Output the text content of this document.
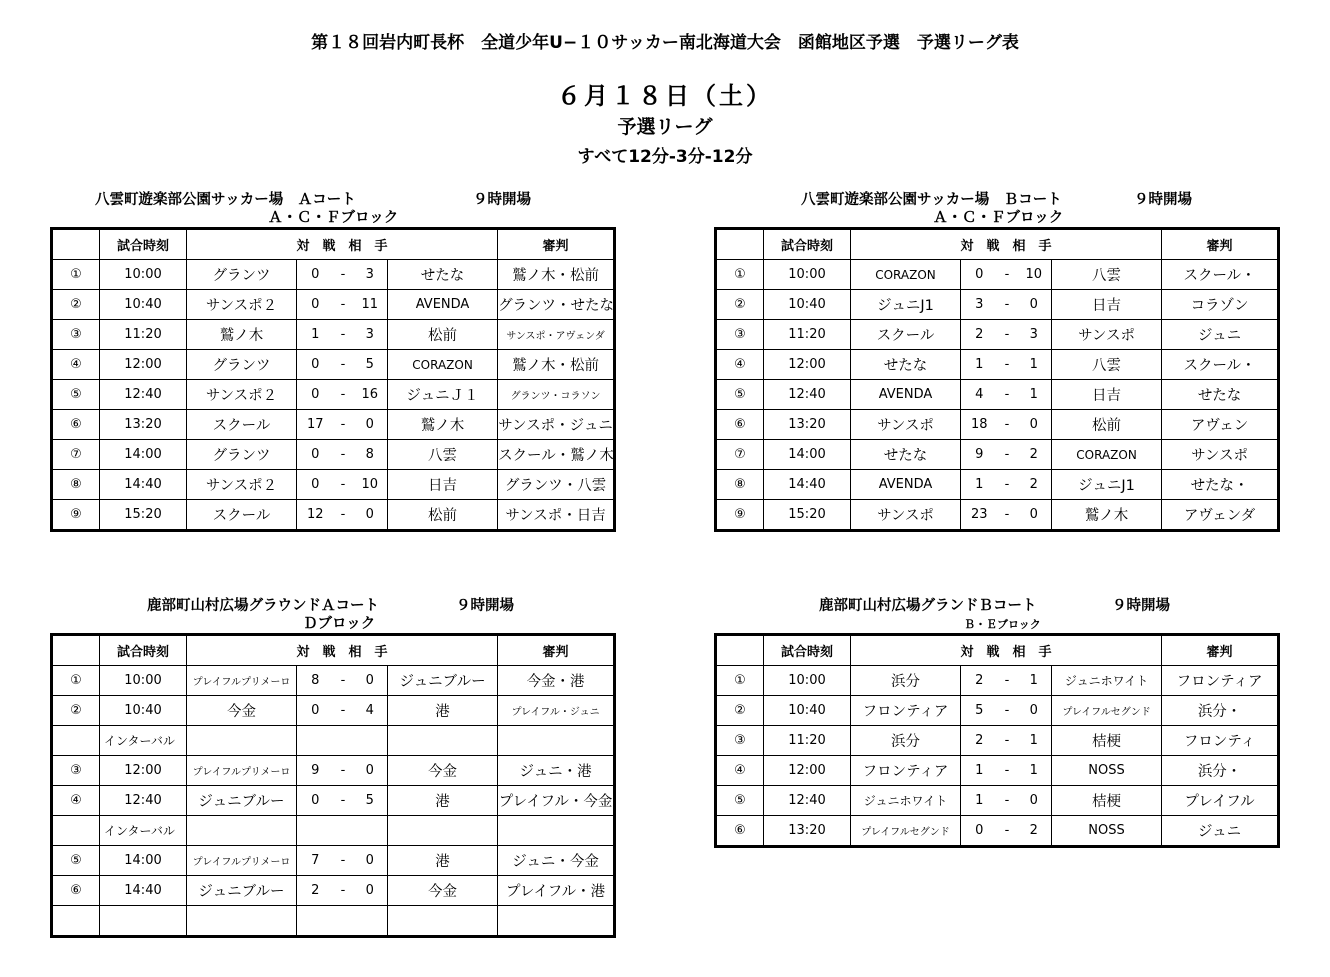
第１８回岩内町長杯　全道少年U−１０サッカー南北海道大会　函館地区予選　予選リーグ表
６月１８日（土）
予選リーグ
すべて12分-3分-12分
八雲町遊楽部公園サッカー場　Ａコート	９時開場
Ａ・Ｃ・Ｆブロック
	試合時刻	対　戦　相　手					審判
①	10:00	グランツ	0	-	3	せたな	鷲ノ木・松前
②	10:40	サンスポ２	0	-	11	AVENDA	グランツ・せたな
③	11:20	鷲ノ木	1	-	3	松前	サンスポ・アヴェンダ
④	12:00	グランツ	0	-	5	CORAZON	鷲ノ木・松前
⑤	12:40	サンスポ２	0	-	16	ジュニＪ１	グランツ・コラソン
⑥	13:20	スクール	17	-	0	鷲ノ木	サンスポ・ジュニ
⑦	14:00	グランツ	0	-	8	八雲	スクール・鷲ノ木
⑧	14:40	サンスポ２	0	-	10	日吉	グランツ・八雲
⑨	15:20	スクール	12	-	0	松前	サンスポ・日吉
八雲町遊楽部公園サッカー場　Ｂコート	９時開場
Ａ・Ｃ・Ｆブロック
	試合時刻	対　戦　相　手					審判
①	10:00	CORAZON	0	-	10	八雲	スクール・
②	10:40	ジュニJ1	3	-	0	日吉	コラゾン
③	11:20	スクール	2	-	3	サンスポ	ジュニ
④	12:00	せたな	1	-	1	八雲	スクール・
⑤	12:40	AVENDA	4	-	1	日吉	せたな
⑥	13:20	サンスポ	18	-	0	松前	アヴェン
⑦	14:00	せたな	9	-	2	CORAZON	サンスポ
⑧	14:40	AVENDA	1	-	2	ジュニJ1	せたな・
⑨	15:20	サンスポ	23	-	0	鷲ノ木	アヴェンダ
鹿部町山村広場グラウンドＡコート	９時開場
Ｄブロック
	試合時刻	対　戦　相　手					審判
①	10:00	プレイフルプリメーロ	8	-	0	ジュニブルー	今金・港
②	10:40	今金	0	-	4	港	プレイフル・ジュニ
	インターバル						
③	12:00	プレイフルプリメーロ	9	-	0	今金	ジュニ・港
④	12:40	ジュニブルー	0	-	5	港	プレイフル・今金
	インターバル						
⑤	14:00	プレイフルプリメーロ	7	-	0	港	ジュニ・今金
⑥	14:40	ジュニブルー	2	-	0	今金	プレイフル・港

鹿部町山村広場グランドＢコート	９時開場
Ｂ・Ｅブロック
	試合時刻	対　戦　相　手					審判
①	10:00	浜分	2	-	1	ジュニホワイト	フロンティア
②	10:40	フロンティア	5	-	0	プレイフルセグンド	浜分・
③	11:20	浜分	2	-	1	桔梗	フロンティ
④	12:00	フロンティア	1	-	1	NOSS	浜分・
⑤	12:40	ジュニホワイト	1	-	0	桔梗	プレイフル
⑥	13:20	プレイフルセグンド	0	-	2	NOSS	ジュニ
